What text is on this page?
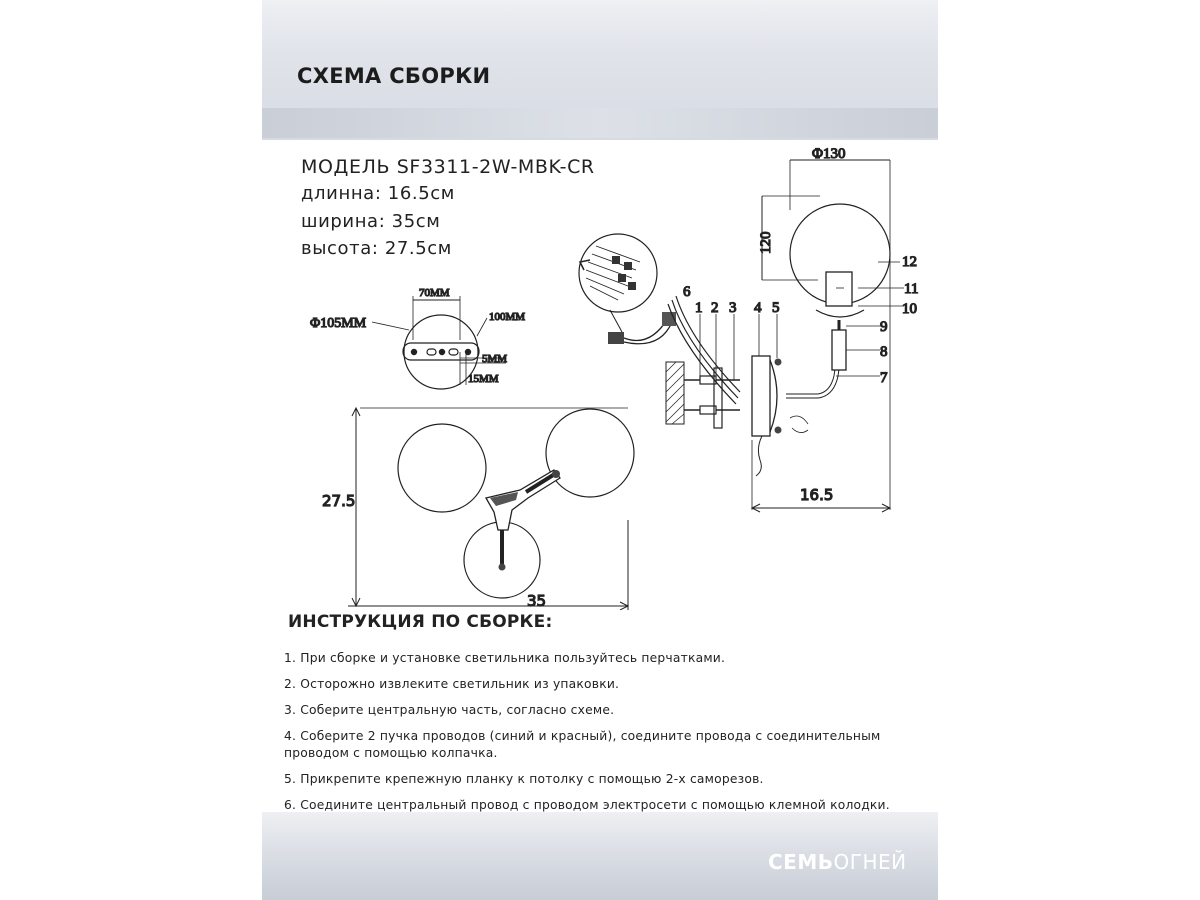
СХЕМА СБОРКИ
МОДЕЛЬ SF3311-2W-MBK-CR
длинна: 16.5см
ширина: 35см
высота: 27.5см
70MM
Φ105MM	100MM
5MM
15MM
27.5
35
Φ130
120
16.5
1 2 3 4 5
6
7
8
9
10
11
12
ИНСТРУКЦИЯ ПО СБОРКЕ:
1. При сборке и установке светильника пользуйтесь перчатками.
2. Осторожно извлеките светильник из упаковки.
3. Соберите центральную часть, согласно схеме.
4. Соберите 2 пучка проводов (синий и красный), соедините провода с соединительным проводом с помощью колпачка.
5. Прикрепите крепежную планку к потолку с помощью 2-х саморезов.
6. Соедините центральный провод с проводом электросети с помощью клемной колодки.
СЕМЬОГНЕЙ
